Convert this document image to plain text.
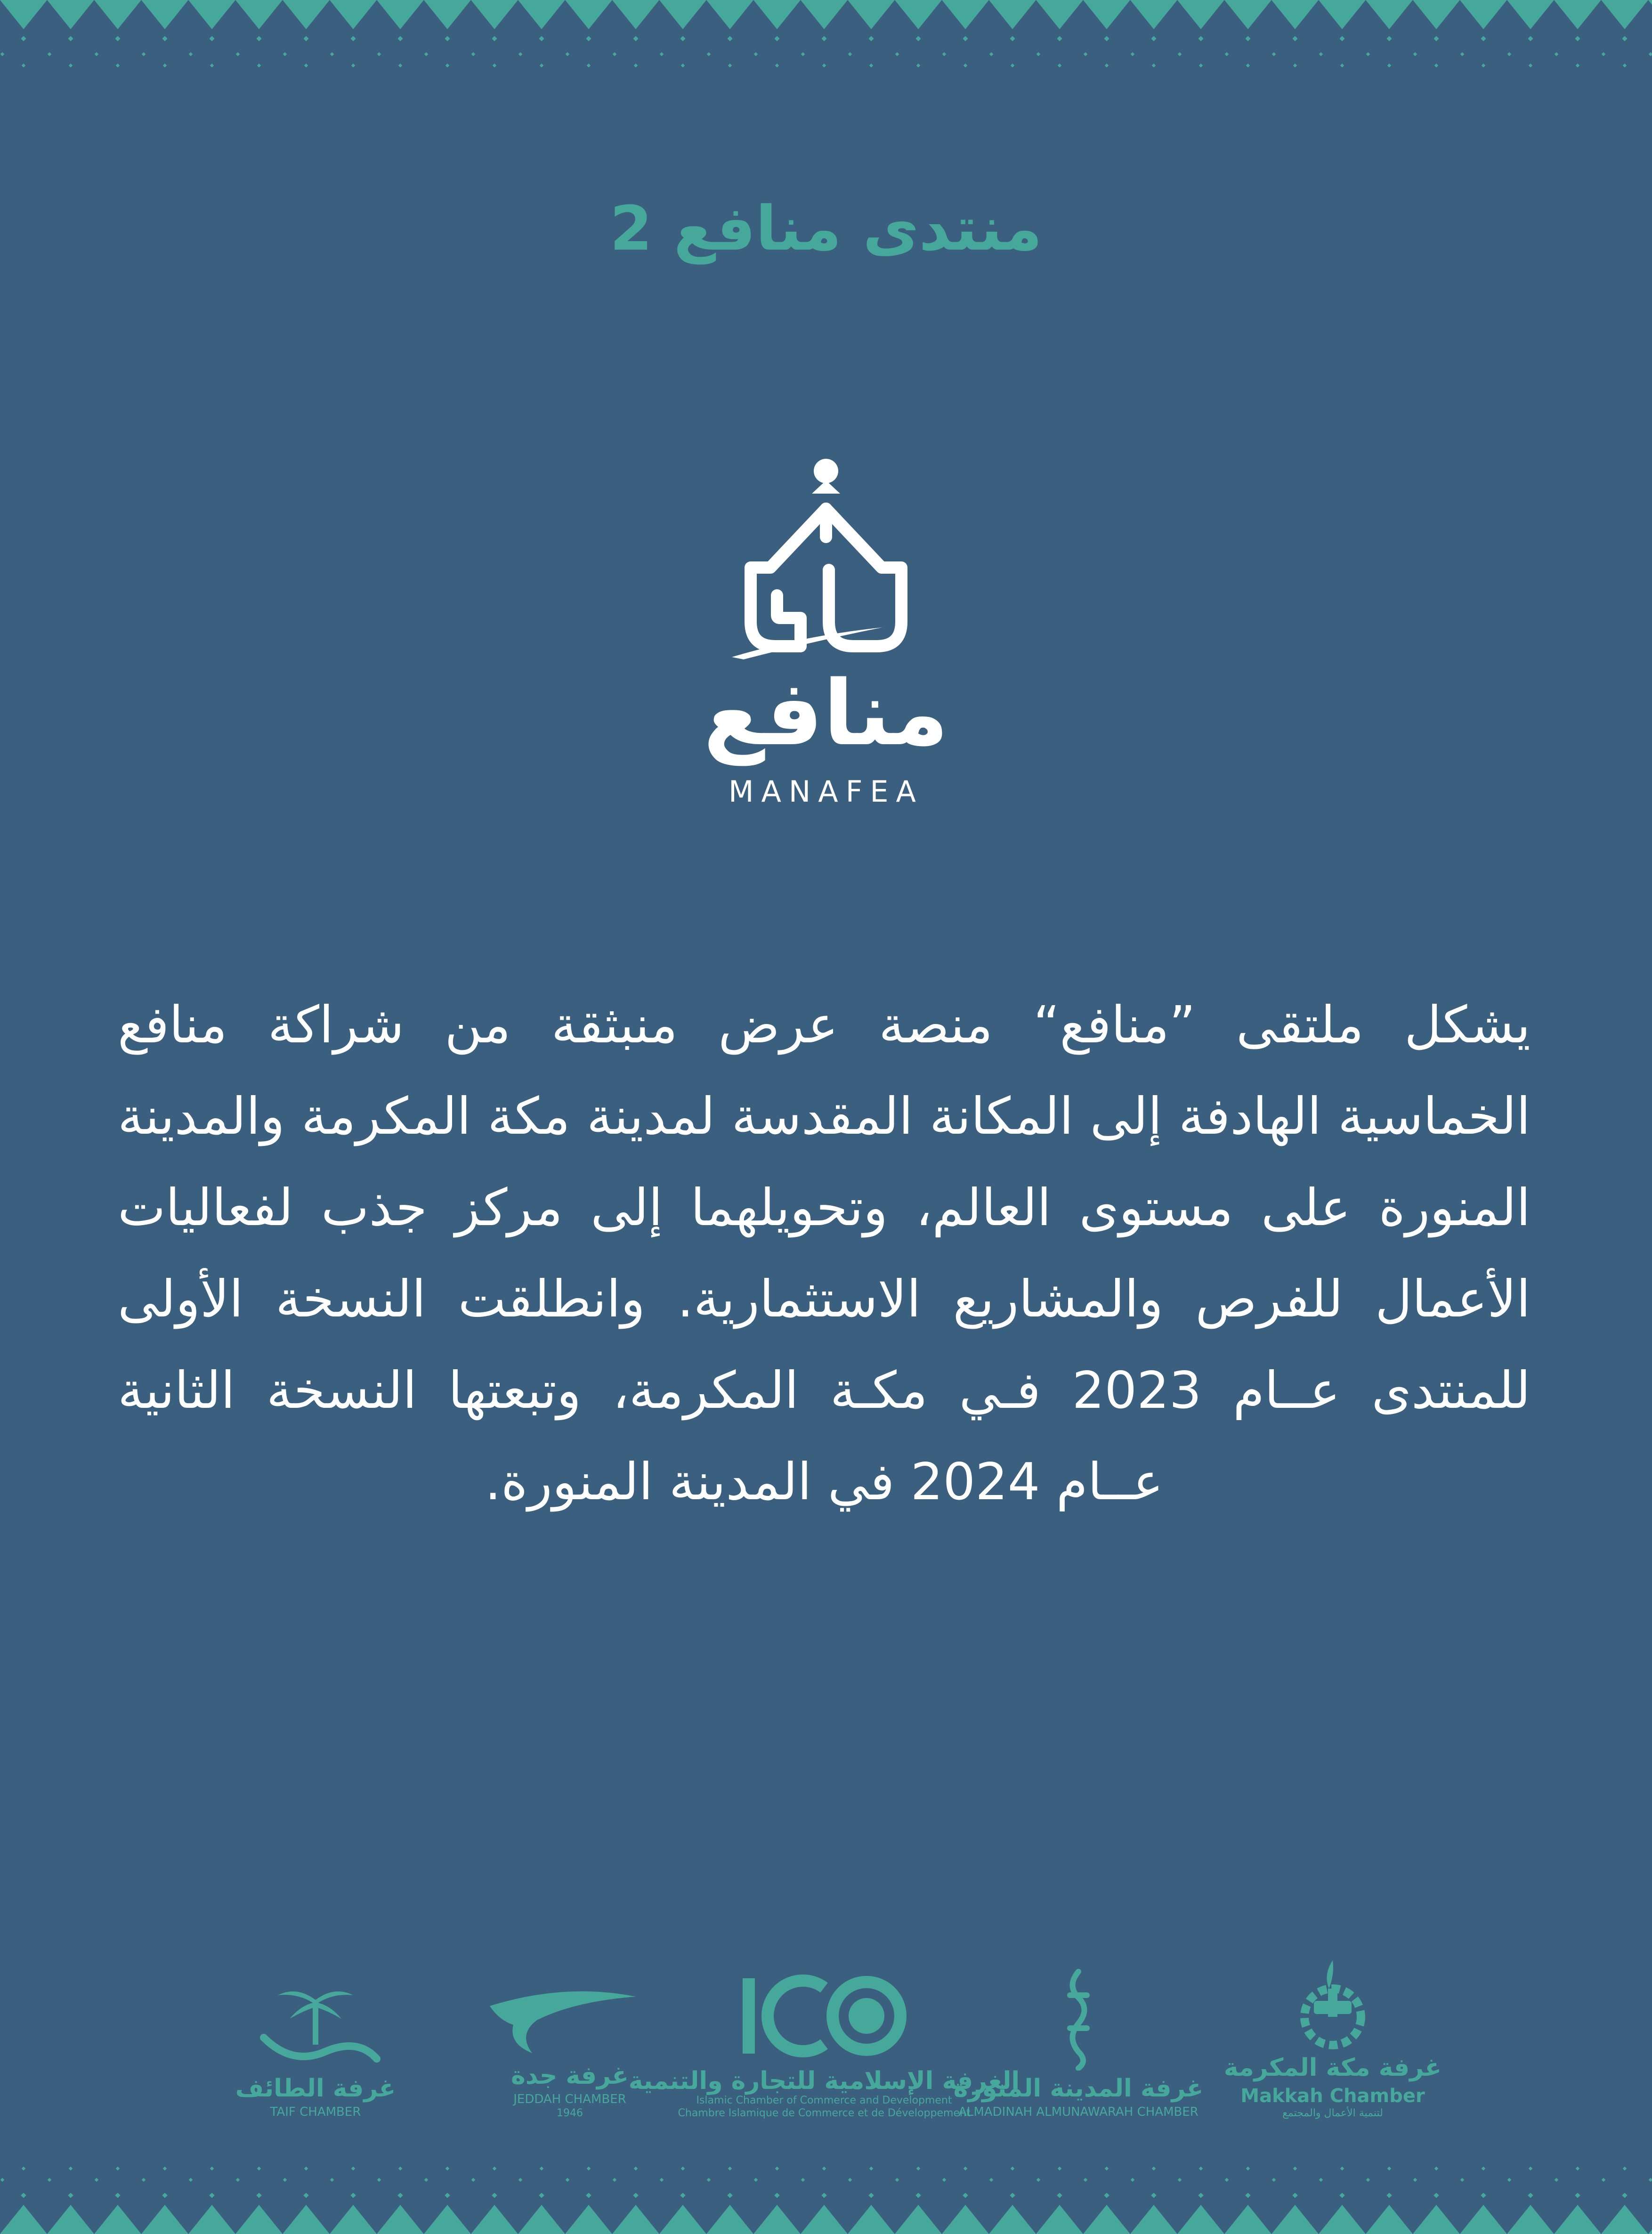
منتدى منافع 2
منافع
MANAFEA

يشكل ملتقى ”منافع“ منصة عرض منبثقة من شراكة منافع الخماسية الهادفة إلى المكانة المقدسة لمدينة مكة المكرمة والمدينة المنورة على مستوى العالم، وتحويلهما إلى مركز جذب لفعاليات الأعمال للفرص والمشاريع الاستثمارية. وانطلقت النسخة الأولى للمنتدى عــام 2023 فـي مكـة المكرمة، وتبعتها النسخة الثانية عــام 2024 في المدينة المنورة.

غرفة مكة المكرمة
Makkah Chamber
لتنمية الأعمال والمجتمع
غرفة المدينة المنورة
ALMADINAH ALMUNAWARAH CHAMBER
الغرفة الإسلامية للتجارة والتنمية
Islamic Chamber of Commerce and Development
Chambre Islamique de Commerce et de Développement
غرفة جدة
JEDDAH CHAMBER
1946
غرفة الطائف
TAIF CHAMBER
